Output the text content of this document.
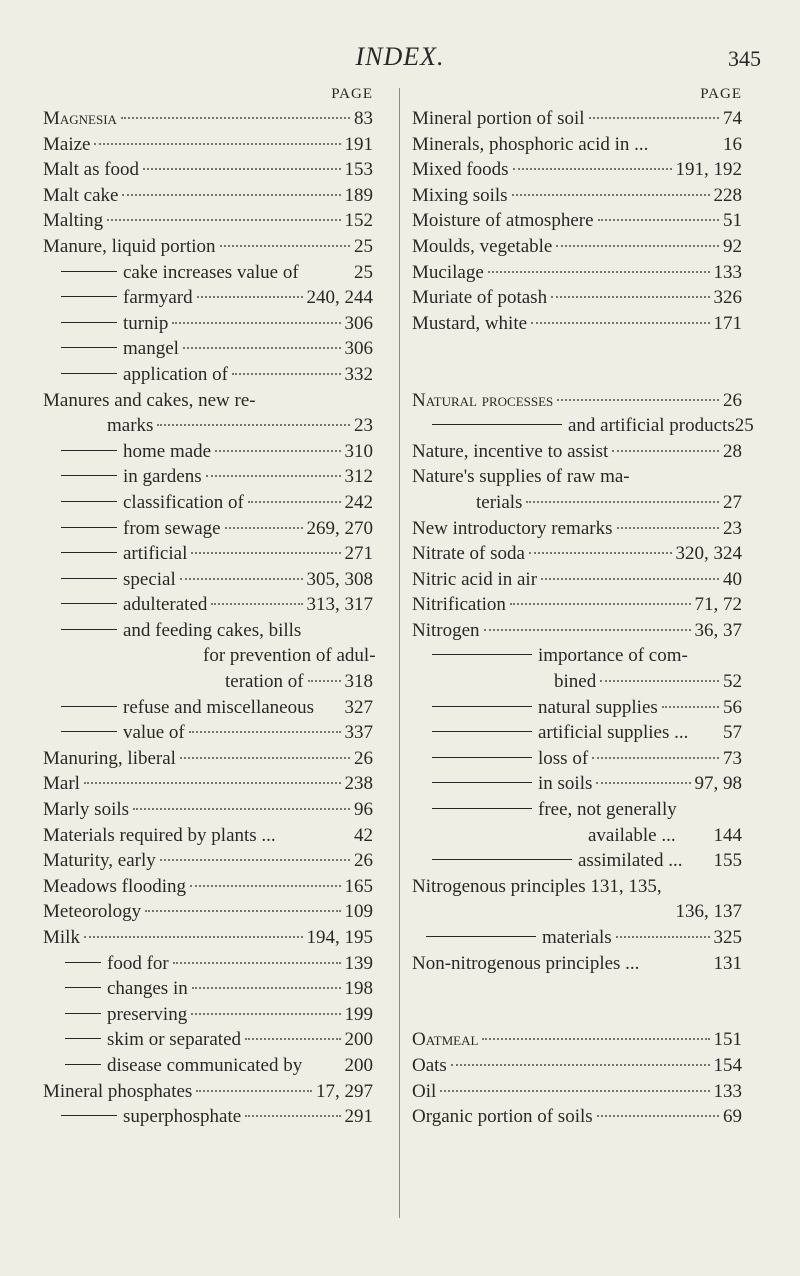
INDEX.	345
PAGE
Magnesia	83
Maize	191
Malt as food	153
Malt cake	189
Malting	152
Manure, liquid portion	25
cake increases value of	25
farmyard	240, 244
turnip	306
mangel	306
application of	332
Manures and cakes, new re-
marks	23
home made	310
in gardens	312
classification of	242
from sewage	269, 270
artificial	271
special	305, 308
adulterated	313, 317
and feeding cakes, bills
for prevention of adul-
teration of 318
refuse and miscellaneous 327
value of	337
Manuring, liberal	26
Marl	238
Marly soils	96
Materials required by plants ...	42
Maturity, early	26
Meadows flooding	165
Meteorology	109
Milk	194, 195
food for	139
changes in	198
preserving	199
skim or separated	200
disease communicated by 200
Mineral phosphates	17, 297
superphosphate	291
PAGE
Mineral portion of soil	74
Minerals, phosphoric acid in ...	16
Mixed foods	191, 192
Mixing soils	228
Moisture of atmosphere	51
Moulds, vegetable	92
Mucilage	133
Muriate of potash	326
Mustard, white	171
Natural processes	26
and artificial products 25
Nature, incentive to assist	28
Nature's supplies of raw ma-
terials	27
New introductory remarks	23
Nitrate of soda	320, 324
Nitric acid in air	40
Nitrification	71, 72
Nitrogen	36, 37
importance of com-
bined	52
natural supplies	56
artificial supplies ... 57
loss of	73
in soils	97, 98
free, not generally
available ... 144
assimilated ... 155
Nitrogenous principles 131, 135,
136, 137
materials	325
Non-nitrogenous principles ...	131
Oatmeal	151
Oats	154
Oil	133
Organic portion of soils	69
